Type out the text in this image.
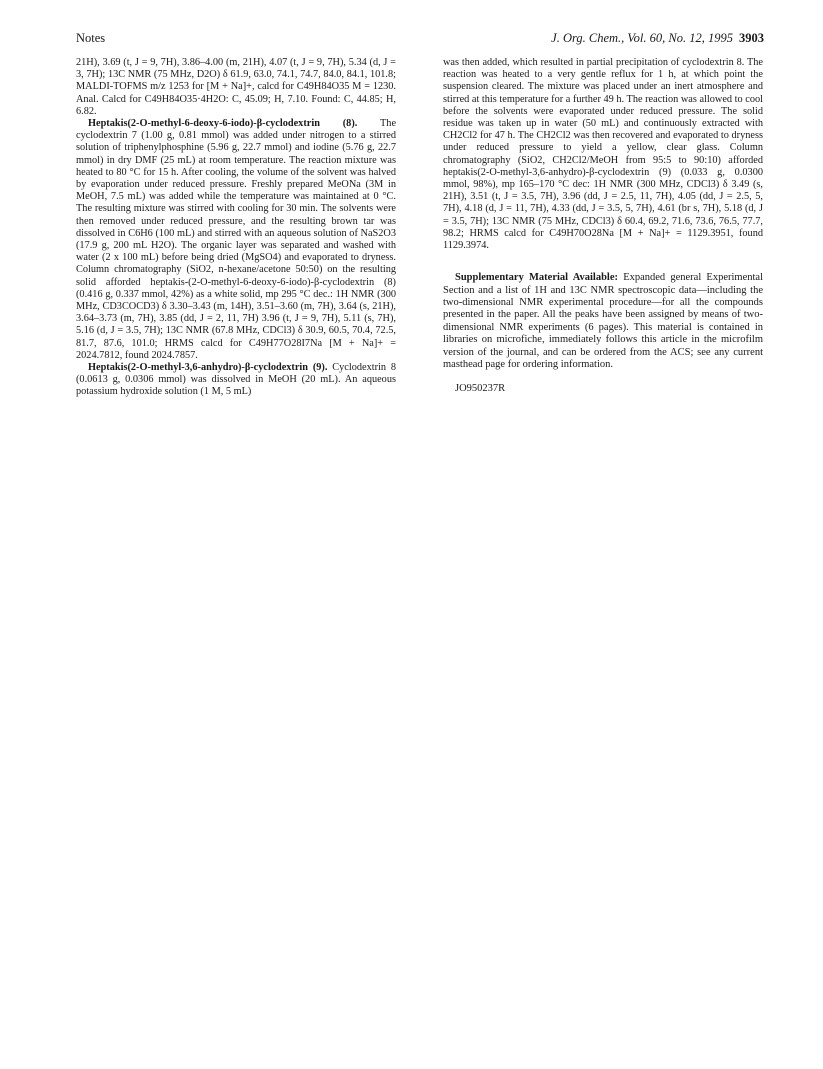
Notes	J. Org. Chem., Vol. 60, No. 12, 1995 3903

21H), 3.69 (t, J = 9, 7H), 3.86–4.00 (m, 21H), 4.07 (t, J = 9, 7H), 5.34 (d, J = 3, 7H); 13C NMR (75 MHz, D2O) δ 61.9, 63.0, 74.1, 74.7, 84.0, 84.1, 101.8; MALDI-TOFMS m/z 1253 for [M + Na]+, calcd for C49H84O35 M = 1230. Anal. Calcd for C49H84O35·4H2O: C, 45.09; H, 7.10. Found: C, 44.85; H, 6.82.

Heptakis(2-O-methyl-6-deoxy-6-iodo)-β-cyclodextrin (8). The cyclodextrin 7 (1.00 g, 0.81 mmol) was added under nitrogen to a stirred solution of triphenylphosphine (5.96 g, 22.7 mmol) and iodine (5.76 g, 22.7 mmol) in dry DMF (25 mL) at room temperature. The reaction mixture was heated to 80 °C for 15 h. After cooling, the volume of the solvent was halved by evaporation under reduced pressure. Freshly prepared MeONa (3M in MeOH, 7.5 mL) was added while the temperature was maintained at 0 °C. The resulting mixture was stirred with cooling for 30 min. The solvents were then removed under reduced pressure, and the resulting brown tar was dissolved in C6H6 (100 mL) and stirred with an aqueous solution of NaS2O3 (17.9 g, 200 mL H2O). The organic layer was separated and washed with water (2 x 100 mL) before being dried (MgSO4) and evaporated to dryness. Column chromatography (SiO2, n-hexane/acetone 50:50) on the resulting solid afforded heptakis-(2-O-methyl-6-deoxy-6-iodo)-β-cyclodextrin (8) (0.416 g, 0.337 mmol, 42%) as a white solid, mp 295 °C dec.: 1H NMR (300 MHz, CD3COCD3) δ 3.30–3.43 (m, 14H), 3.51–3.60 (m, 7H), 3.64 (s, 21H), 3.64–3.73 (m, 7H), 3.85 (dd, J = 2, 11, 7H) 3.96 (t, J = 9, 7H), 5.11 (s, 7H), 5.16 (d, J = 3.5, 7H); 13C NMR (67.8 MHz, CDCl3) δ 30.9, 60.5, 70.4, 72.5, 81.7, 87.6, 101.0; HRMS calcd for C49H77O28I7Na [M + Na]+ = 2024.7812, found 2024.7857.

Heptakis(2-O-methyl-3,6-anhydro)-β-cyclodextrin (9). Cyclodextrin 8 (0.0613 g, 0.0306 mmol) was dissolved in MeOH (20 mL). An aqueous potassium hydroxide solution (1 M, 5 mL)

was then added, which resulted in partial precipitation of cyclodextrin 8. The reaction was heated to a very gentle reflux for 1 h, at which point the suspension cleared. The mixture was placed under an inert atmosphere and stirred at this temperature for a further 49 h. The reaction was allowed to cool before the solvents were evaporated under reduced pressure. The solid residue was taken up in water (50 mL) and continuously extracted with CH2Cl2 for 47 h. The CH2Cl2 was then recovered and evaporated to dryness under reduced pressure to yield a yellow, clear glass. Column chromatography (SiO2, CH2Cl2/MeOH from 95:5 to 90:10) afforded heptakis(2-O-methyl-3,6-anhydro)-β-cyclodextrin (9) (0.033 g, 0.0300 mmol, 98%), mp 165–170 °C dec: 1H NMR (300 MHz, CDCl3) δ 3.49 (s, 21H), 3.51 (t, J = 3.5, 7H), 3.96 (dd, J = 2.5, 11, 7H), 4.05 (dd, J = 2.5, 5, 7H), 4.18 (d, J = 11, 7H), 4.33 (dd, J = 3.5, 5, 7H), 4.61 (br s, 7H), 5.18 (d, J = 3.5, 7H); 13C NMR (75 MHz, CDCl3) δ 60.4, 69.2, 71.6, 73.6, 76.5, 77.7, 98.2; HRMS calcd for C49H70O28Na [M + Na]+ = 1129.3951, found 1129.3974.

Supplementary Material Available: Expanded general Experimental Section and a list of 1H and 13C NMR spectroscopic data—including the two-dimensional NMR experimental procedure—for all the compounds presented in the paper. All the peaks have been assigned by means of two-dimensional NMR experiments (6 pages). This material is contained in libraries on microfiche, immediately follows this article in the microfilm version of the journal, and can be ordered from the ACS; see any current masthead page for ordering information.

JO950237R
